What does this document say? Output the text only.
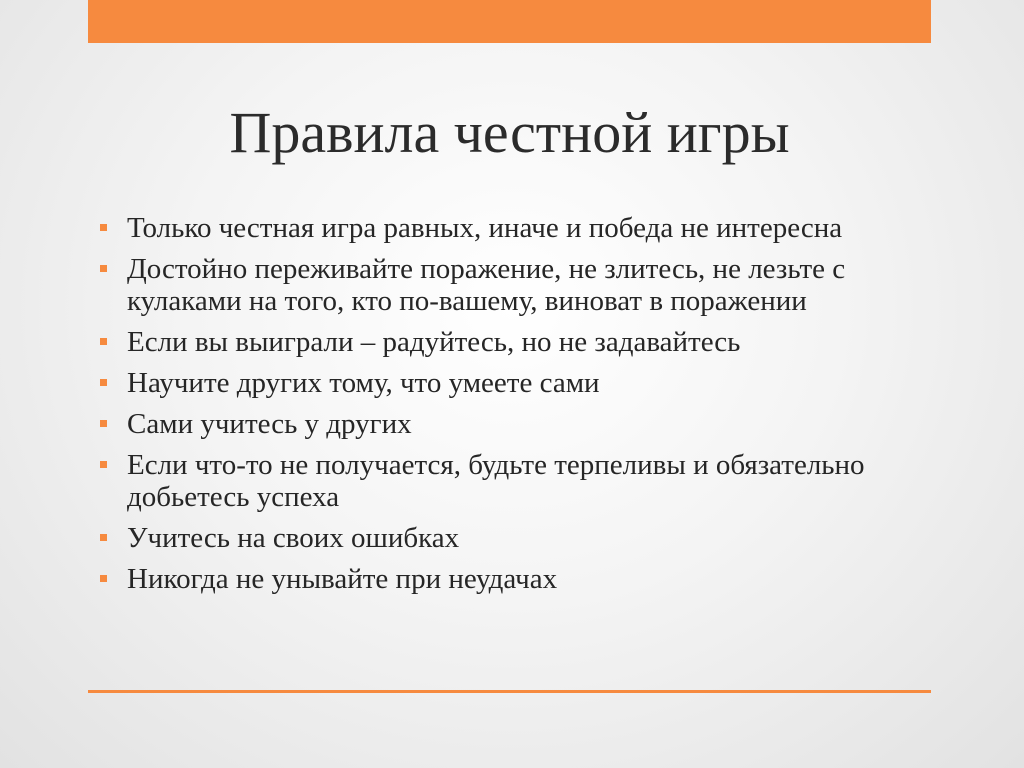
Правила честной игры
Только честная игра равных, иначе и победа не интересна
Достойно переживайте поражение, не злитесь, не лезьте с кулаками на того, кто по-вашему, виноват в поражении
Если вы выиграли – радуйтесь, но не задавайтесь
Научите других тому, что умеете сами
Сами учитесь у других
Если что-то не получается, будьте терпеливы и обязательно добьетесь успеха
Учитесь на своих ошибках
Никогда не унывайте при неудачах
